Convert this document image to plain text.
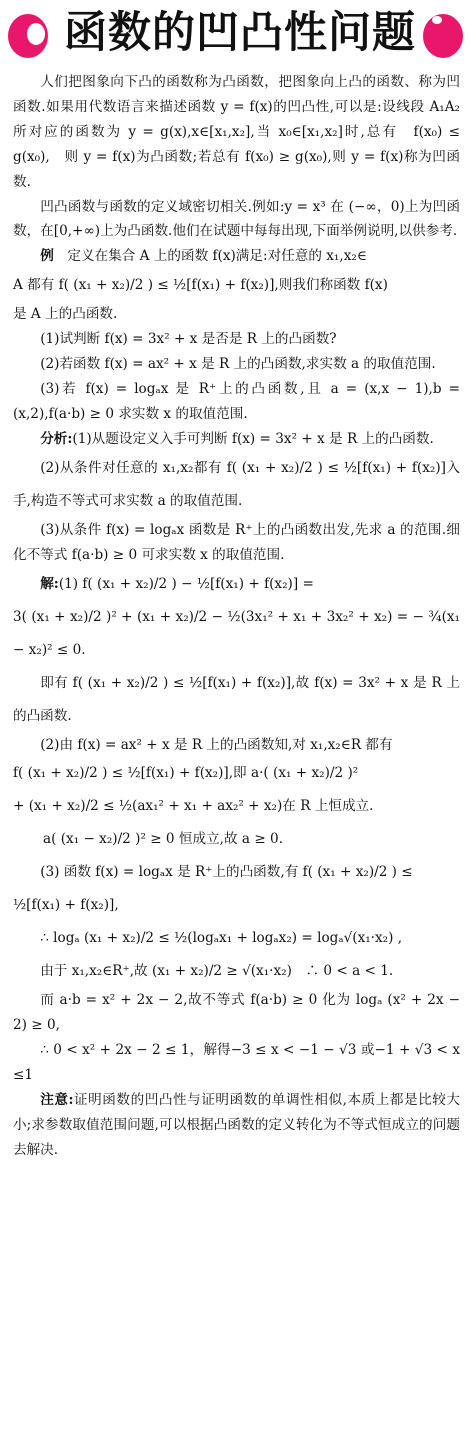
函数的凹凸性问题

人们把图象向下凸的函数称为凸函数，把图象向上凸的函数、称为凹函数.如果用代数语言来描述函数 y = f(x)的凹凸性,可以是:设线段 A₁A₂ 所对应的函数为 y = g(x),x∈[x₁,x₂],当 x₀∈[x₁,x₂]时,总有　f(x₀) ≤ g(x₀),　则 y = f(x)为凸函数;若总有 f(x₀) ≥ g(x₀),则 y = f(x)称为凹函数.

凹凸函数与函数的定义域密切相关.例如:y = x³ 在 (−∞，0)上为凹函数，在[0,+∞)上为凸函数.他们在试题中每每出现,下面举例说明,以供参考.

例　定义在集合 A 上的函数 f(x)满足:对任意的 x₁,x₂∈

A 都有 f( (x₁ + x₂)/2 ) ≤ ½[f(x₁) + f(x₂)],则我们称函数 f(x)

是 A 上的凸函数.

(1)试判断 f(x) = 3x² + x 是否是 R 上的凸函数?

(2)若函数 f(x) = ax² + x 是 R 上的凸函数,求实数 a 的取值范围.

(3)若 f(x) = logₐx 是 R⁺上的凸函数,且 a = (x,x − 1),b = (x,2),f(a·b) ≥ 0 求实数 x 的取值范围.

分析:(1)从题设定义入手可判断 f(x) = 3x² + x 是 R 上的凸函数.

(2)从条件对任意的 x₁,x₂都有 f( (x₁ + x₂)/2 ) ≤ ½[f(x₁) + f(x₂)]入手,构造不等式可求实数 a 的取值范围.

(3)从条件 f(x) = logₐx 函数是 R⁺上的凸函数出发,先求 a 的范围.细化不等式 f(a·b) ≥ 0 可求实数 x 的取值范围.

解:(1) f( (x₁ + x₂)/2 ) − ½[f(x₁) + f(x₂)] =

3( (x₁ + x₂)/2 )² + (x₁ + x₂)/2 − ½(3x₁² + x₁ + 3x₂² + x₂) = − ¾(x₁ − x₂)² ≤ 0.

即有 f( (x₁ + x₂)/2 ) ≤ ½[f(x₁) + f(x₂)],故 f(x) = 3x² + x 是 R 上的凸函数.

(2)由 f(x) = ax² + x 是 R 上的凸函数知,对 x₁,x₂∈R 都有

f( (x₁ + x₂)/2 ) ≤ ½[f(x₁) + f(x₂)],即 a·( (x₁ + x₂)/2 )²

+ (x₁ + x₂)/2 ≤ ½(ax₁² + x₁ + ax₂² + x₂)在 R 上恒成立.

a( (x₁ − x₂)/2 )² ≥ 0 恒成立,故 a ≥ 0.

(3) 函数 f(x) = logₐx 是 R⁺上的凸函数,有 f( (x₁ + x₂)/2 ) ≤

½[f(x₁) + f(x₂)],

∴ logₐ (x₁ + x₂)/2 ≤ ½(logₐx₁ + logₐx₂) = logₐ√(x₁·x₂) ,

由于 x₁,x₂∈R⁺,故 (x₁ + x₂)/2 ≥ √(x₁·x₂)　∴ 0 < a < 1.

而 a·b = x² + 2x − 2,故不等式 f(a·b) ≥ 0 化为 logₐ (x² + 2x − 2) ≥ 0,

∴ 0 < x² + 2x − 2 ≤ 1，解得−3 ≤ x < −1 − √3 或−1 + √3 < x ≤1

注意:证明函数的凹凸性与证明函数的单调性相似,本质上都是比较大小;求参数取值范围问题,可以根据凸函数的定义转化为不等式恒成立的问题去解决.
